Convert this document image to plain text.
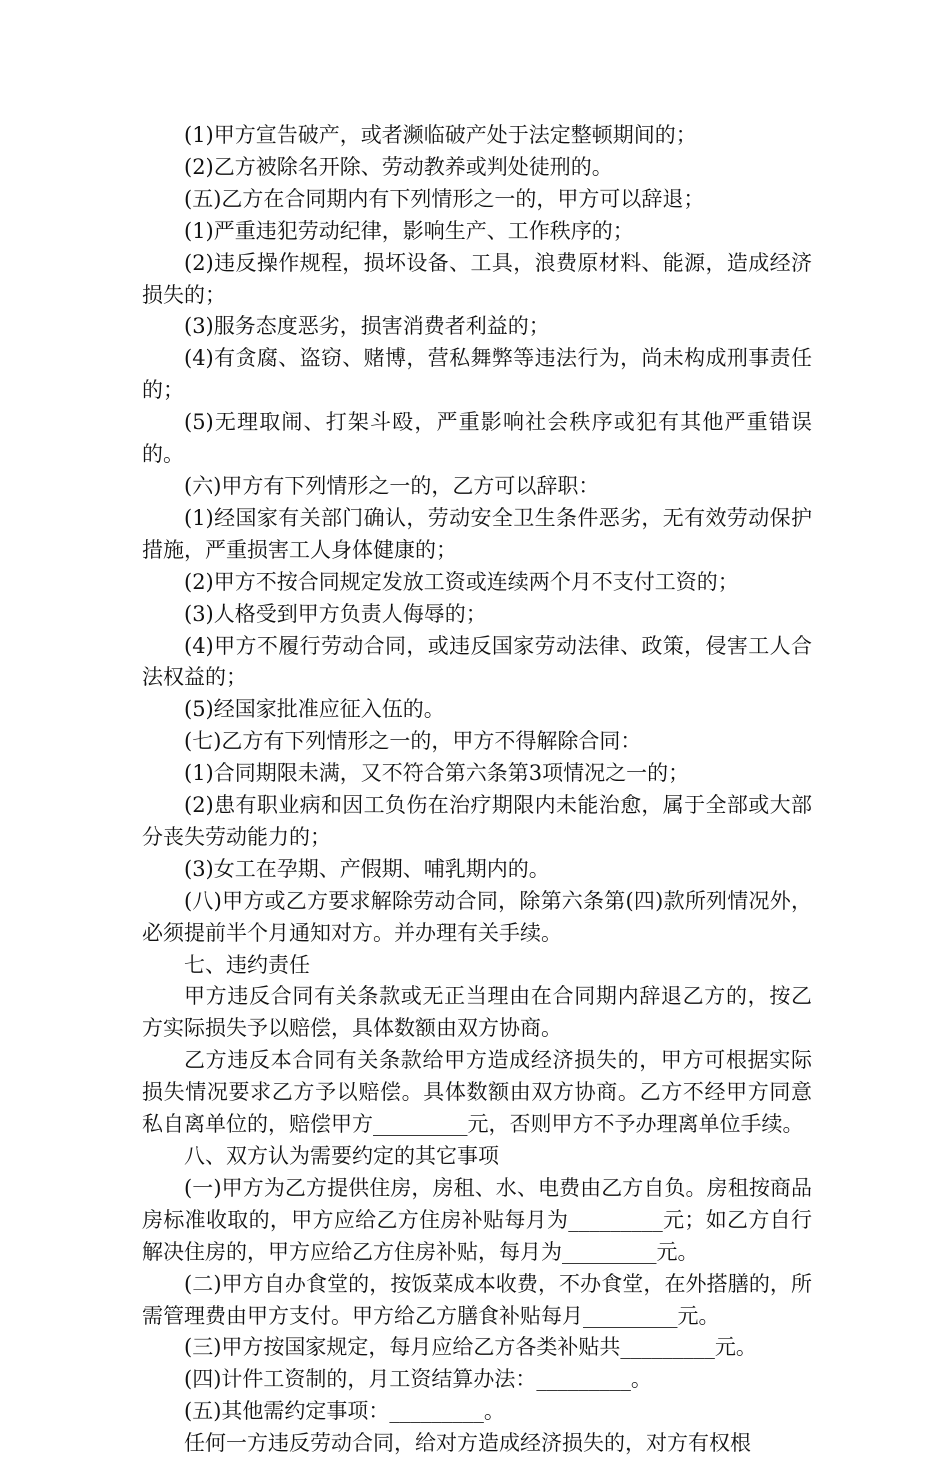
(1)甲方宣告破产，或者濒临破产处于法定整顿期间的；

(2)乙方被除名开除、劳动教养或判处徒刑的。

(五)乙方在合同期内有下列情形之一的，甲方可以辞退；

(1)严重违犯劳动纪律，影响生产、工作秩序的；

(2)违反操作规程，损坏设备、工具，浪费原材料、能源，造成经济损失的；

(3)服务态度恶劣，损害消费者利益的；

(4)有贪腐、盗窃、赌博，营私舞弊等违法行为，尚未构成刑事责任的；

(5)无理取闹、打架斗殴，严重影响社会秩序或犯有其他严重错误的。

(六)甲方有下列情形之一的，乙方可以辞职：

(1)经国家有关部门确认，劳动安全卫生条件恶劣，无有效劳动保护措施，严重损害工人身体健康的；

(2)甲方不按合同规定发放工资或连续两个月不支付工资的；

(3)人格受到甲方负责人侮辱的；

(4)甲方不履行劳动合同，或违反国家劳动法律、政策，侵害工人合法权益的；

(5)经国家批准应征入伍的。

(七)乙方有下列情形之一的，甲方不得解除合同：

(1)合同期限未满，又不符合第六条第3项情况之一的；

(2)患有职业病和因工负伤在治疗期限内未能治愈，属于全部或大部分丧失劳动能力的；

(3)女工在孕期、产假期、哺乳期内的。

(八)甲方或乙方要求解除劳动合同，除第六条第(四)款所列情况外，必须提前半个月通知对方。并办理有关手续。

七、违约责任

甲方违反合同有关条款或无正当理由在合同期内辞退乙方的，按乙方实际损失予以赔偿，具体数额由双方协商。

乙方违反本合同有关条款给甲方造成经济损失的，甲方可根据实际损失情况要求乙方予以赔偿。具体数额由双方协商。乙方不经甲方同意私自离单位的，赔偿甲方_________元，否则甲方不予办理离单位手续。

八、双方认为需要约定的其它事项

(一)甲方为乙方提供住房，房租、水、电费由乙方自负。房租按商品房标准收取的，甲方应给乙方住房补贴每月为_________元；如乙方自行解决住房的，甲方应给乙方住房补贴，每月为_________元。

(二)甲方自办食堂的，按饭菜成本收费，不办食堂，在外搭膳的，所需管理费由甲方支付。甲方给乙方膳食补贴每月_________元。

(三)甲方按国家规定，每月应给乙方各类补贴共_________元。

(四)计件工资制的，月工资结算办法：_________。

(五)其他需约定事项：_________。

任何一方违反劳动合同，给对方造成经济损失的，对方有权根
